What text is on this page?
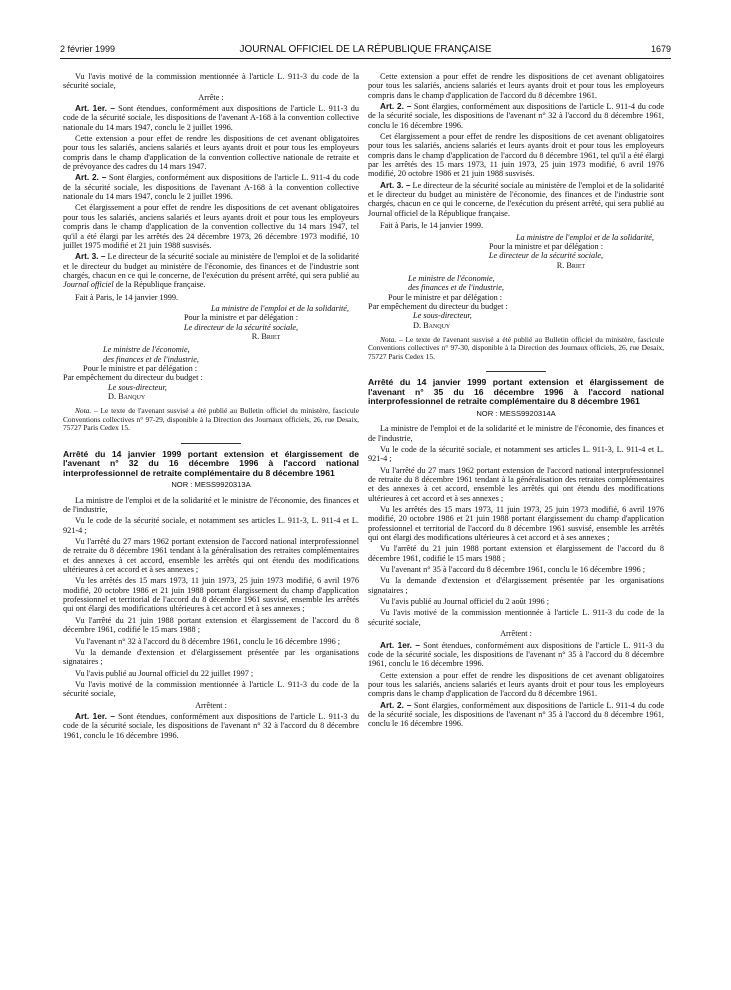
2 février 1999	JOURNAL OFFICIEL DE LA RÉPUBLIQUE FRANÇAISE	1679

Vu l'avis motivé de la commission mentionnée à l'article L. 911-3 du code de la sécurité sociale,

Arrête :

Art. 1er. – Sont étendues, conformément aux dispositions de l'article L. 911-3 du code de la sécurité sociale, les dispositions de l'avenant A-168 à la convention collective nationale du 14 mars 1947, conclu le 2 juillet 1996.

Cette extension a pour effet de rendre les dispositions de cet avenant obligatoires pour tous les salariés, anciens salariés et leurs ayants droit et pour tous les employeurs compris dans le champ d'application de la convention collective nationale de retraite et de prévoyance des cadres du 14 mars 1947.

Art. 2. – Sont élargies, conformément aux dispositions de l'article L. 911-4 du code de la sécurité sociale, les dispositions de l'avenant A-168 à la convention collective nationale du 14 mars 1947, conclu le 2 juillet 1996.

Cet élargissement a pour effet de rendre les dispositions de cet avenant obligatoires pour tous les salariés, anciens salariés et leurs ayants droit et pour tous les employeurs compris dans le champ d'application de la convention collective du 14 mars 1947, tel qu'il a été élargi par les arrêtés des 24 décembre 1973, 26 décembre 1973 modifié, 10 juillet 1975 modifié et 21 juin 1988 susvisés.

Art. 3. – Le directeur de la sécurité sociale au ministère de l'emploi et de la solidarité et le directeur du budget au ministère de l'économie, des finances et de l'industrie sont chargés, chacun en ce qui le concerne, de l'exécution du présent arrêté, qui sera publié au Journal officiel de la République française.

Fait à Paris, le 14 janvier 1999.

La ministre de l'emploi et de la solidarité,

Pour la ministre et par délégation :

Le directeur de la sécurité sociale,

R. Briet

Le ministre de l'économie,

des finances et de l'industrie,

Pour le ministre et par délégation :

Par empêchement du directeur du budget :

Le sous-directeur,

D. Banquy

Nota. – Le texte de l'avenant susvisé a été publié au Bulletin officiel du ministère, fascicule Conventions collectives n° 97-29, disponible à la Direction des Journaux officiels, 26, rue Desaix, 75727 Paris Cedex 15.

Arrêté du 14 janvier 1999 portant extension et élargissement de l'avenant n° 32 du 16 décembre 1996 à l'accord national interprofessionnel de retraite complémentaire du 8 décembre 1961

NOR : MESS9920313A

La ministre de l'emploi et de la solidarité et le ministre de l'économie, des finances et de l'industrie,

Vu le code de la sécurité sociale, et notamment ses articles L. 911-3, L. 911-4 et L. 921-4 ;

Vu l'arrêté du 27 mars 1962 portant extension de l'accord national interprofessionnel de retraite du 8 décembre 1961 tendant à la généralisation des retraites complémentaires et des annexes à cet accord, ensemble les arrêtés qui ont étendu des modifications ultérieures à cet accord et à ses annexes ;

Vu les arrêtés des 15 mars 1973, 11 juin 1973, 25 juin 1973 modifié, 6 avril 1976 modifié, 20 octobre 1986 et 21 juin 1988 portant élargissement du champ d'application professionnel et territorial de l'accord du 8 décembre 1961 susvisé, ensemble les arrêtés qui ont élargi des modifications ultérieures à cet accord et à ses annexes ;

Vu l'arrêté du 21 juin 1988 portant extension et élargissement de l'accord du 8 décembre 1961, codifié le 15 mars 1988 ;

Vu l'avenant n° 32 à l'accord du 8 décembre 1961, conclu le 16 décembre 1996 ;

Vu la demande d'extension et d'élargissement présentée par les organisations signataires ;

Vu l'avis publié au Journal officiel du 22 juillet 1997 ;

Vu l'avis motivé de la commission mentionnée à l'article L. 911-3 du code de la sécurité sociale,

Arrêtent :

Art. 1er. – Sont étendues, conformément aux dispositions de l'article L. 911-3 du code de la sécurité sociale, les dispositions de l'avenant n° 32 à l'accord du 8 décembre 1961, conclu le 16 décembre 1996.

Cette extension a pour effet de rendre les dispositions de cet avenant obligatoires pour tous les salariés, anciens salariés et leurs ayants droit et pour tous les employeurs compris dans le champ d'application de l'accord du 8 décembre 1961.

Art. 2. – Sont élargies, conformément aux dispositions de l'article L. 911-4 du code de la sécurité sociale, les dispositions de l'avenant n° 32 à l'accord du 8 décembre 1961, conclu le 16 décembre 1996.

Cet élargissement a pour effet de rendre les dispositions de cet avenant obligatoires pour tous les salariés, anciens salariés et leurs ayants droit et pour tous les employeurs compris dans le champ d'application de l'accord du 8 décembre 1961, tel qu'il a été élargi par les arrêtés des 15 mars 1973, 11 juin 1973, 25 juin 1973 modifié, 6 avril 1976 modifié, 20 octobre 1986 et 21 juin 1988 susvisés.

Art. 3. – Le directeur de la sécurité sociale au ministère de l'emploi et de la solidarité et le directeur du budget au ministère de l'économie, des finances et de l'industrie sont chargés, chacun en ce qui le concerne, de l'exécution du présent arrêté, qui sera publié au Journal officiel de la République française.

Fait à Paris, le 14 janvier 1999.

La ministre de l'emploi et de la solidarité,

Pour la ministre et par délégation :

Le directeur de la sécurité sociale,

R. Briet

Le ministre de l'économie,

des finances et de l'industrie,

Pour le ministre et par délégation :

Par empêchement du directeur du budget :

Le sous-directeur,

D. Banquy

Nota. – Le texte de l'avenant susvisé a été publié au Bulletin officiel du ministère, fascicule Conventions collectives n° 97-30, disponible à la Direction des Journaux officiels, 26, rue Desaix, 75727 Paris Cedex 15.

Arrêté du 14 janvier 1999 portant extension et élargissement de l'avenant n° 35 du 16 décembre 1996 à l'accord national interprofessionnel de retraite complémentaire du 8 décembre 1961

NOR : MESS9920314A

La ministre de l'emploi et de la solidarité et le ministre de l'économie, des finances et de l'industrie,

Vu le code de la sécurité sociale, et notamment ses articles L. 911-3, L. 911-4 et L. 921-4 ;

Vu l'arrêté du 27 mars 1962 portant extension de l'accord national interprofessionnel de retraite du 8 décembre 1961 tendant à la généralisation des retraites complémentaires et des annexes à cet accord, ensemble les arrêtés qui ont étendu des modifications ultérieures à cet accord et à ses annexes ;

Vu les arrêtés des 15 mars 1973, 11 juin 1973, 25 juin 1973 modifié, 6 avril 1976 modifié, 20 octobre 1986 et 21 juin 1988 portant élargissement du champ d'application professionnel et territorial de l'accord du 8 décembre 1961 susvisé, ensemble les arrêtés qui ont élargi des modifications ultérieures à cet accord et à ses annexes ;

Vu l'arrêté du 21 juin 1988 portant extension et élargissement de l'accord du 8 décembre 1961, codifié le 15 mars 1988 ;

Vu l'avenant n° 35 à l'accord du 8 décembre 1961, conclu le 16 décembre 1996 ;

Vu la demande d'extension et d'élargissement présentée par les organisations signataires ;

Vu l'avis publié au Journal officiel du 2 août 1996 ;

Vu l'avis motivé de la commission mentionnée à l'article L. 911-3 du code de la sécurité sociale,

Arrêtent :

Art. 1er. – Sont étendues, conformément aux dispositions de l'article L. 911-3 du code de la sécurité sociale, les dispositions de l'avenant n° 35 à l'accord du 8 décembre 1961, conclu le 16 décembre 1996.

Cette extension a pour effet de rendre les dispositions de cet avenant obligatoires pour tous les salariés, anciens salariés et leurs ayants droit et pour tous les employeurs compris dans le champ d'application de l'accord du 8 décembre 1961.

Art. 2. – Sont élargies, conformément aux dispositions de l'article L. 911-4 du code de la sécurité sociale, les dispositions de l'avenant n° 35 à l'accord du 8 décembre 1961, conclu le 16 décembre 1996.
